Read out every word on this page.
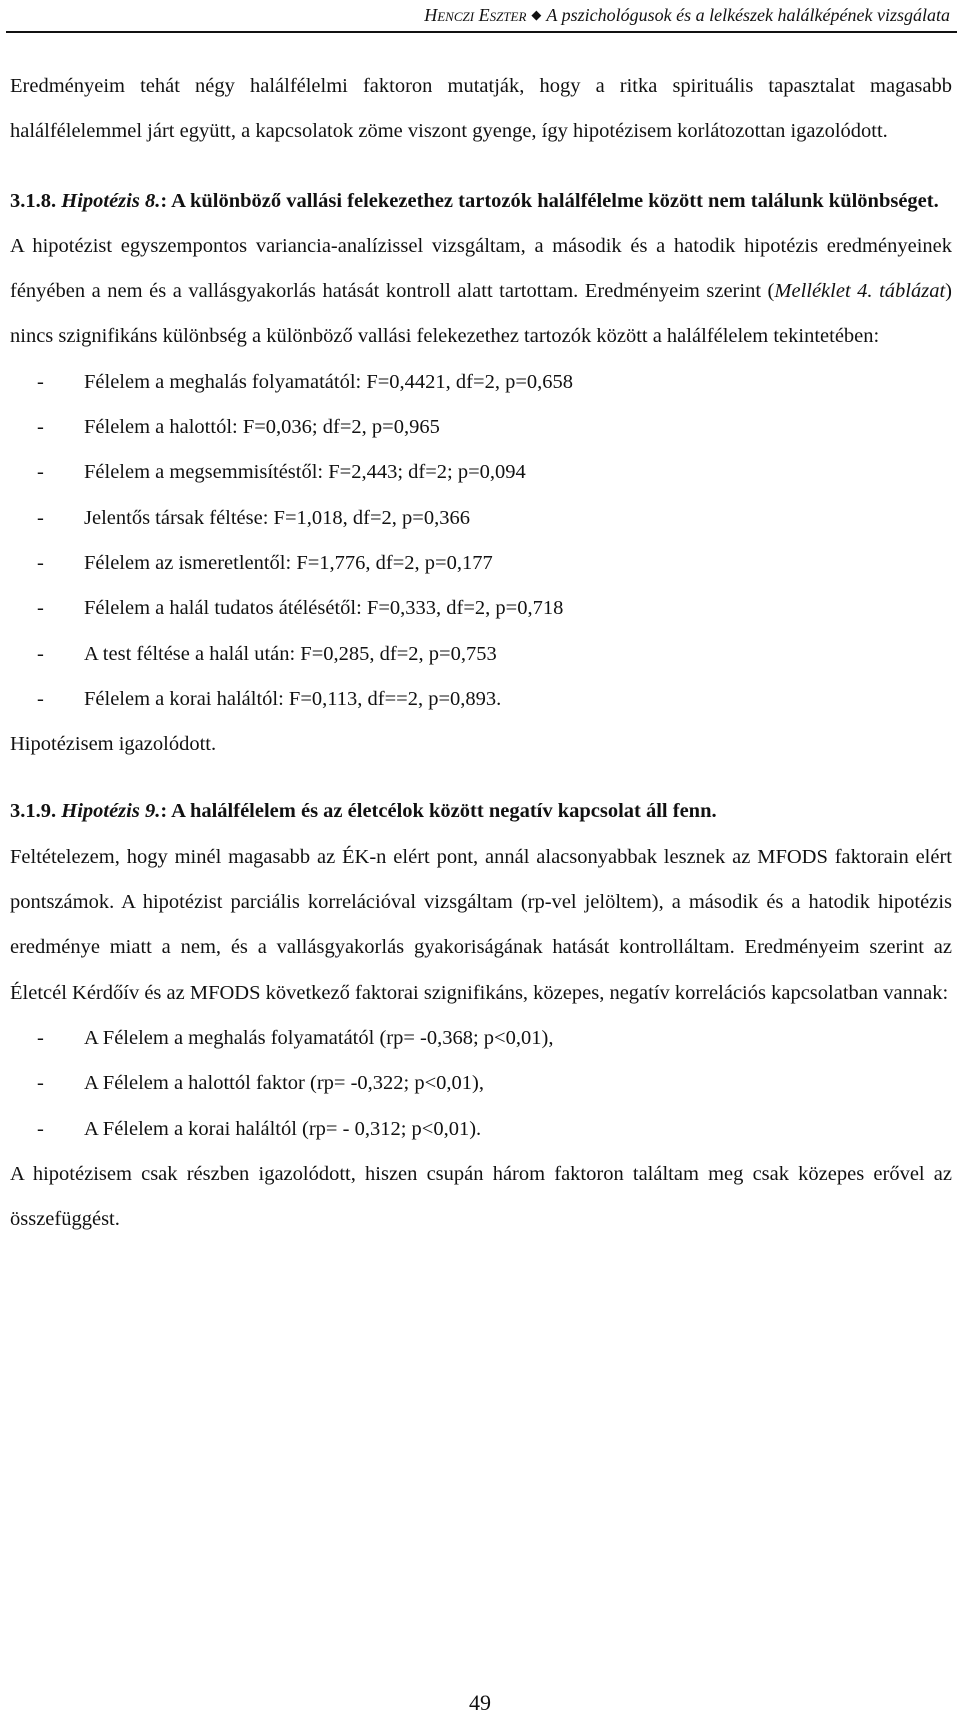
Henczi Eszter ◆ A pszichológusok és a lelkészek halálképének vizsgálata

Eredményeim tehát négy halálfélelmi faktoron mutatják, hogy a ritka spirituális tapasztalat magasabb halálfélelemmel járt együtt, a kapcsolatok zöme viszont gyenge, így hipotézisem korlátozottan igazolódott.

3.1.8. Hipotézis 8.: A különböző vallási felekezethez tartozók halálfélelme között nem találunk különbséget.

A hipotézist egyszempontos variancia-analízissel vizsgáltam, a második és a hatodik hipotézis eredményeinek fényében a nem és a vallásgyakorlás hatását kontroll alatt tartottam. Eredményeim szerint (Melléklet 4. táblázat) nincs szignifikáns különbség a különböző vallási felekezethez tartozók között a halálfélelem tekintetében:

- Félelem a meghalás folyamatától: F=0,4421, df=2, p=0,658
- Félelem a halottól: F=0,036; df=2, p=0,965
- Félelem a megsemmisítéstől: F=2,443; df=2; p=0,094
- Jelentős társak féltése: F=1,018, df=2, p=0,366
- Félelem az ismeretlentől: F=1,776, df=2, p=0,177
- Félelem a halál tudatos átélésétől: F=0,333, df=2, p=0,718
- A test féltése a halál után: F=0,285, df=2, p=0,753
- Félelem a korai haláltól: F=0,113, df==2, p=0,893.

Hipotézisem igazolódott.

3.1.9. Hipotézis 9.: A halálfélelem és az életcélok között negatív kapcsolat áll fenn.

Feltételezem, hogy minél magasabb az ÉK-n elért pont, annál alacsonyabbak lesznek az MFODS faktorain elért pontszámok. A hipotézist parciális korrelációval vizsgáltam (rp-vel jelöltem), a második és a hatodik hipotézis eredménye miatt a nem, és a vallásgyakorlás gyakoriságának hatását kontrolláltam. Eredményeim szerint az Életcél Kérdőív és az MFODS következő faktorai szignifikáns, közepes, negatív korrelációs kapcsolatban vannak:

- A Félelem a meghalás folyamatától (rp= -0,368; p<0,01),
- A Félelem a halottól faktor (rp= -0,322; p<0,01),
- A Félelem a korai haláltól (rp= - 0,312; p<0,01).

A hipotézisem csak részben igazolódott, hiszen csupán három faktoron találtam meg csak közepes erővel az összefüggést.

49
